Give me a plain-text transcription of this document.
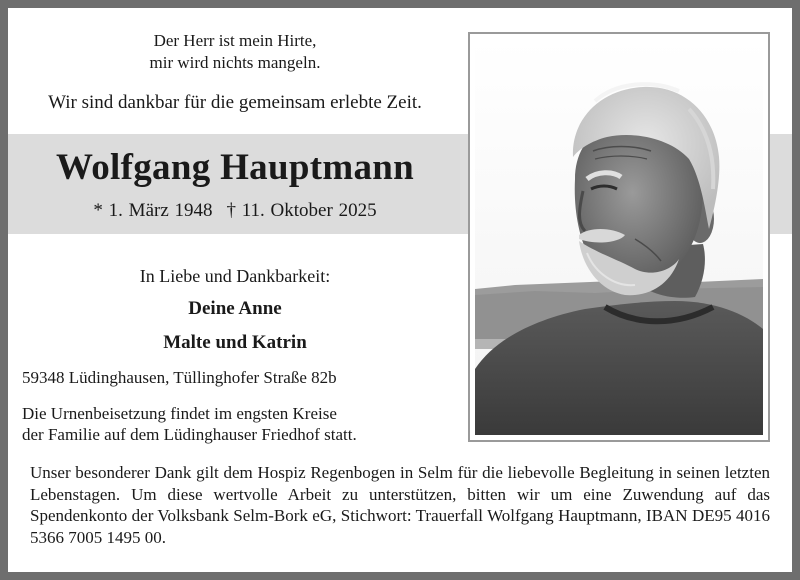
Der Herr ist mein Hirte,
mir wird nichts mangeln.
Wir sind dankbar für die gemeinsam erlebte Zeit.
Wolfgang Hauptmann
* 1. März 1948 † 11. Oktober 2025
In Liebe und Dankbarkeit:
Deine Anne
Malte und Katrin
59348 Lüdinghausen, Tüllinghofer Straße 82b
Die Urnenbeisetzung findet im engsten Kreise
der Familie auf dem Lüdinghauser Friedhof statt.
Unser besonderer Dank gilt dem Hospiz Regenbogen in Selm für die liebevolle Begleitung in seinen letzten Lebenstagen. Um diese wertvolle Arbeit zu unterstützen, bitten wir um eine Zuwendung auf das Spendenkonto der Volksbank Selm-Bork eG, Stichwort: Trauerfall Wolfgang Hauptmann, IBAN DE95 4016 5366 7005 1495 00.
